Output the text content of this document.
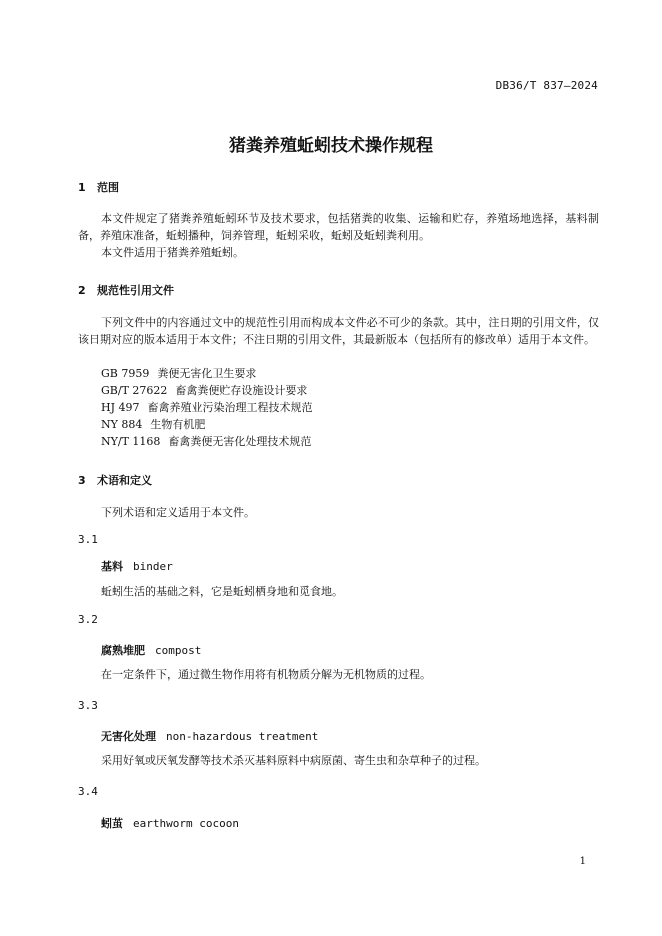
DB36/T 837—2024
猪粪养殖蚯蚓技术操作规程
1 范围
本文件规定了猪粪养殖蚯蚓环节及技术要求，包括猪粪的收集、运输和贮存，养殖场地选择，基料制备，养殖床准备，蚯蚓播种，饲养管理，蚯蚓采收，蚯蚓及蚯蚓粪利用。
本文件适用于猪粪养殖蚯蚓。
2 规范性引用文件
下列文件中的内容通过文中的规范性引用而构成本文件必不可少的条款。其中，注日期的引用文件，仅该日期对应的版本适用于本文件；不注日期的引用文件，其最新版本（包括所有的修改单）适用于本文件。
GB 7959 粪便无害化卫生要求
GB/T 27622 畜禽粪便贮存设施设计要求
HJ 497 畜禽养殖业污染治理工程技术规范
NY 884 生物有机肥
NY/T 1168 畜禽粪便无害化处理技术规范
3 术语和定义
下列术语和定义适用于本文件。
3.1
基料 binder
蚯蚓生活的基础之料，它是蚯蚓栖身地和觅食地。
3.2
腐熟堆肥 compost
在一定条件下，通过微生物作用将有机物质分解为无机物质的过程。
3.3
无害化处理 non-hazardous treatment
采用好氧或厌氧发酵等技术杀灭基料原料中病原菌、寄生虫和杂草种子的过程。
3.4
蚓茧 earthworm cocoon
1
